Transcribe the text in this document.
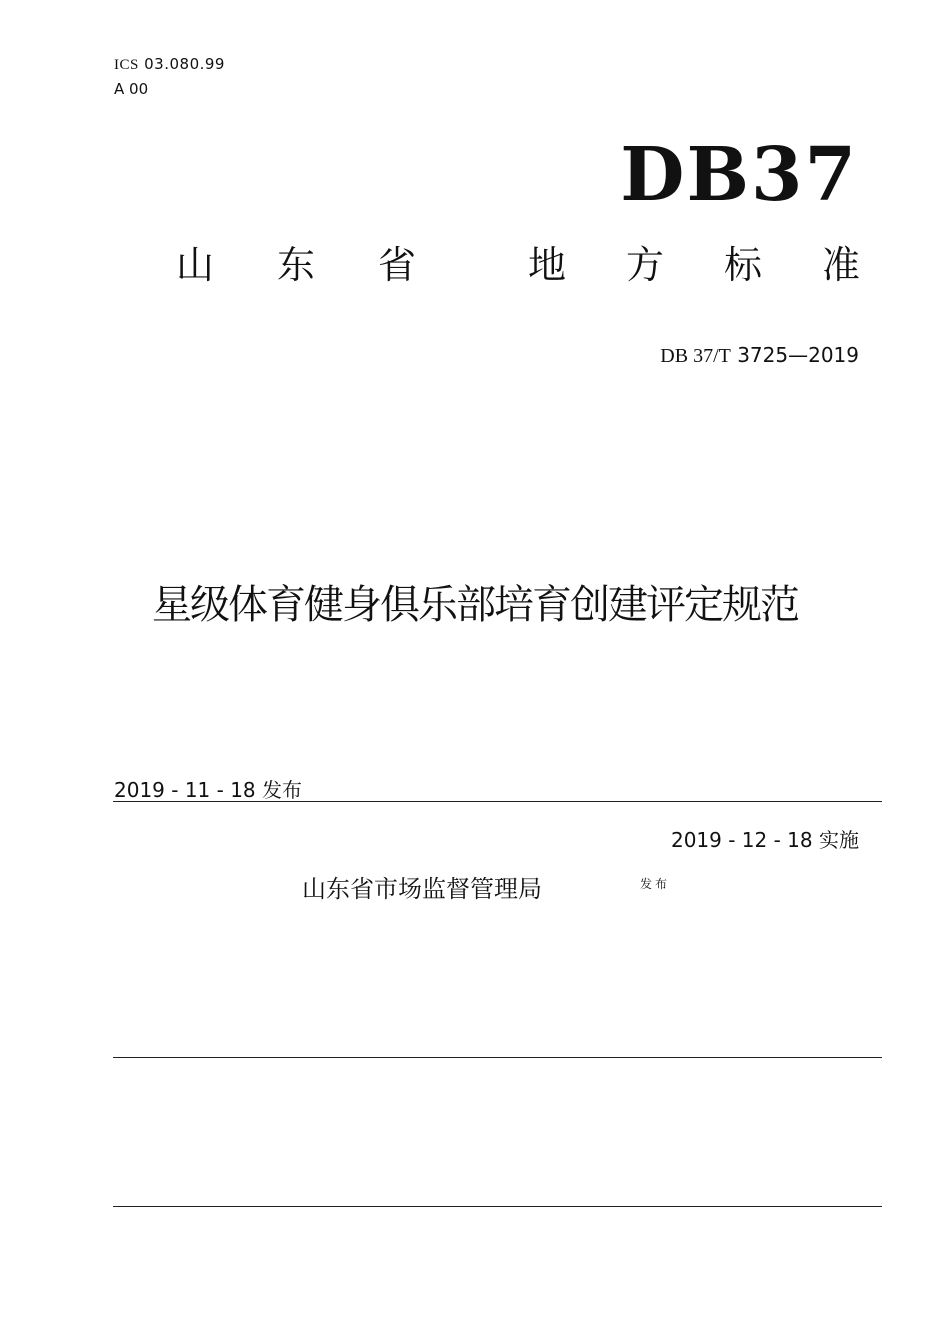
ICS 03.080.99
A 00
DB37
山 东 省	地 方 标 准
DB 37/T 3725—2019
星级体育健身俱乐部培育创建评定规范
2019 - 11 - 18 发布
2019 - 12 - 18 实施
山东省市场监督管理局	发布
